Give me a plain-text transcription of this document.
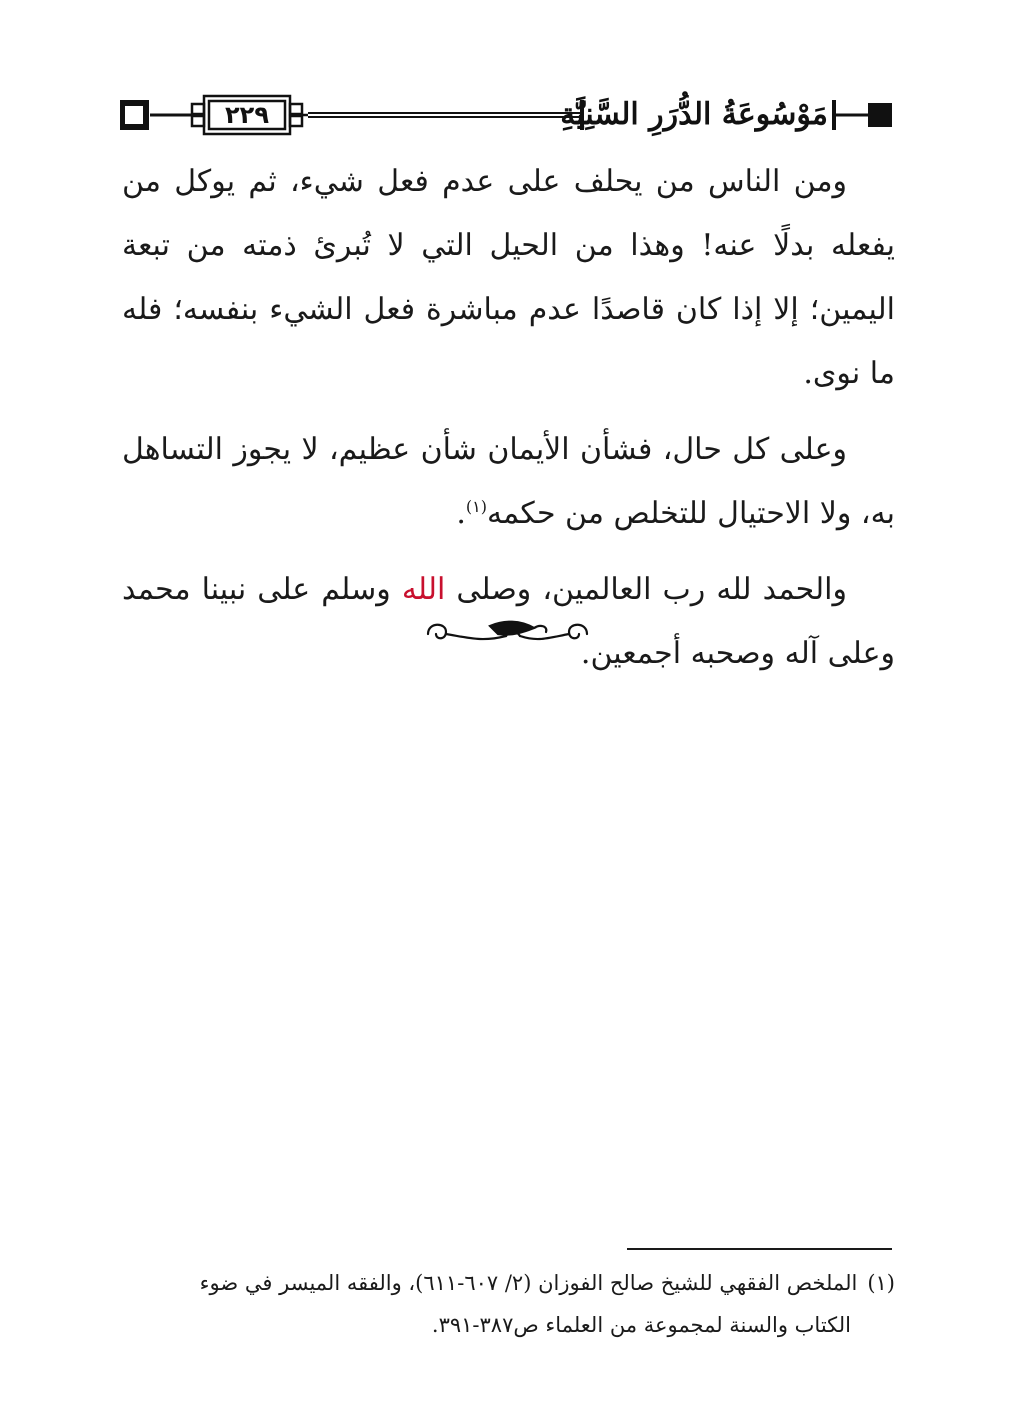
٢٢٩	مَوْسُوعَةُ الدُّرَرِ السَّنِيَّةِ

ومن الناس من يحلف على عدم فعل شيء، ثم يوكل من يفعله بدلًا عنه! وهذا من الحيل التي لا تُبرئ ذمته من تبعة اليمين؛ إلا إذا كان قاصدًا عدم مباشرة فعل الشيء بنفسه؛ فله ما نوى.

وعلى كل حال، فشأن الأيمان شأن عظيم، لا يجوز التساهل به، ولا الاحتيال للتخلص من حكمه$^{(١)}$.

والحمد لله رب العالمين، وصلى الله وسلم على نبينا محمد وعلى آله وصحبه أجمعين.

(١)الملخص الفقهي للشيخ صالح الفوزان (٢/ ٦٠٧-٦١١)، والفقه الميسر في ضوء
الكتاب والسنة لمجموعة من العلماء ص٣٨٧-٣٩١.
